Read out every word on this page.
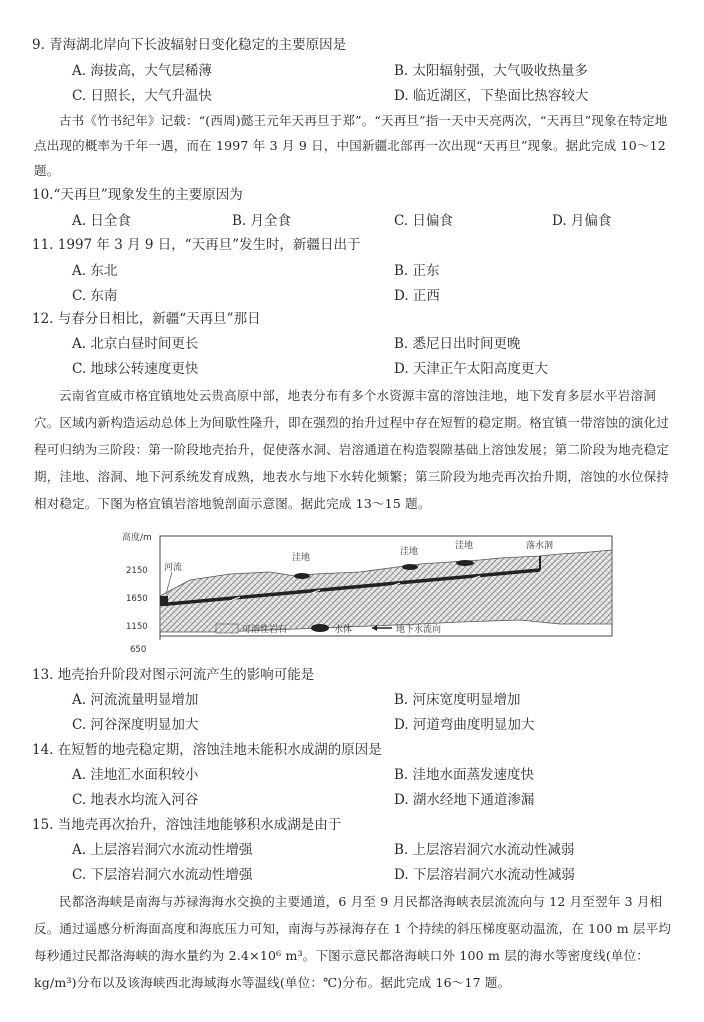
9. 青海湖北岸向下长波辐射日变化稳定的主要原因是
A. 海拔高，大气层稀薄	B. 太阳辐射强，大气吸收热量多
C. 日照长，大气升温快	D. 临近湖区，下垫面比热容较大

古书《竹书纪年》记载：“(西周)懿王元年天再旦于郑”。“天再旦”指一天中天亮两次，“天再旦”现象在特定地点出现的概率为千年一遇，而在 1997 年 3 月 9 日，中国新疆北部再一次出现“天再旦”现象。据此完成 10～12 题。

10.“天再旦”现象发生的主要原因为
A. 日全食	B. 月全食	C. 日偏食	D. 月偏食
11. 1997 年 3 月 9 日，“天再旦”发生时，新疆日出于
A. 东北	B. 正东
C. 东南	D. 正西
12. 与春分日相比，新疆“天再旦”那日
A. 北京白昼时间更长	B. 悉尼日出时间更晚
C. 地球公转速度更快	D. 天津正午太阳高度更大

云南省宣威市格宜镇地处云贵高原中部，地表分布有多个水资源丰富的溶蚀洼地，地下发育多层水平岩溶洞穴。区域内新构造运动总体上为间歇性隆升，即在强烈的抬升过程中存在短暂的稳定期。格宜镇一带溶蚀的演化过程可归纳为三阶段：第一阶段地壳抬升，促使落水洞、岩溶通道在构造裂隙基础上溶蚀发展；第二阶段为地壳稳定期，洼地、溶洞、地下河系统发育成熟，地表水与地下水转化频繁；第三阶段为地壳再次抬升期，溶蚀的水位保持相对稳定。下图为格宜镇岩溶地貌剖面示意图。据此完成 13～15 题。

高度/m
2150
1650
1150
650
河流
洼地
洼地
洼地	落水洞
可溶性岩石	水体	地下水流向
13. 地壳抬升阶段对图示河流产生的影响可能是
A. 河流流量明显增加	B. 河床宽度明显增加
C. 河谷深度明显加大	D. 河道弯曲度明显加大
14. 在短暂的地壳稳定期，溶蚀洼地未能积水成湖的原因是
A. 洼地汇水面积较小	B. 洼地水面蒸发速度快
C. 地表水均流入河谷	D. 湖水经地下通道渗漏
15. 当地壳再次抬升，溶蚀洼地能够积水成湖是由于
A. 上层溶岩洞穴水流动性增强	B. 上层溶岩洞穴水流动性减弱
C. 下层溶岩洞穴水流动性增强	D. 下层溶岩洞穴水流动性减弱

民都洛海峡是南海与苏禄海海水交换的主要通道，6 月至 9 月民都洛海峡表层流流向与 12 月至翌年 3 月相反。通过遥感分析海面高度和海底压力可知，南海与苏禄海存在 1 个持续的斜压梯度驱动温流，在 100 m 层平均每秒通过民都洛海峡的海水量约为 2.4×10⁶ m³。下图示意民都洛海峡口外 100 m 层的海水等密度线(单位：kg/m³)分布以及该海峡西北海域海水等温线(单位：℃)分布。据此完成 16～17 题。
